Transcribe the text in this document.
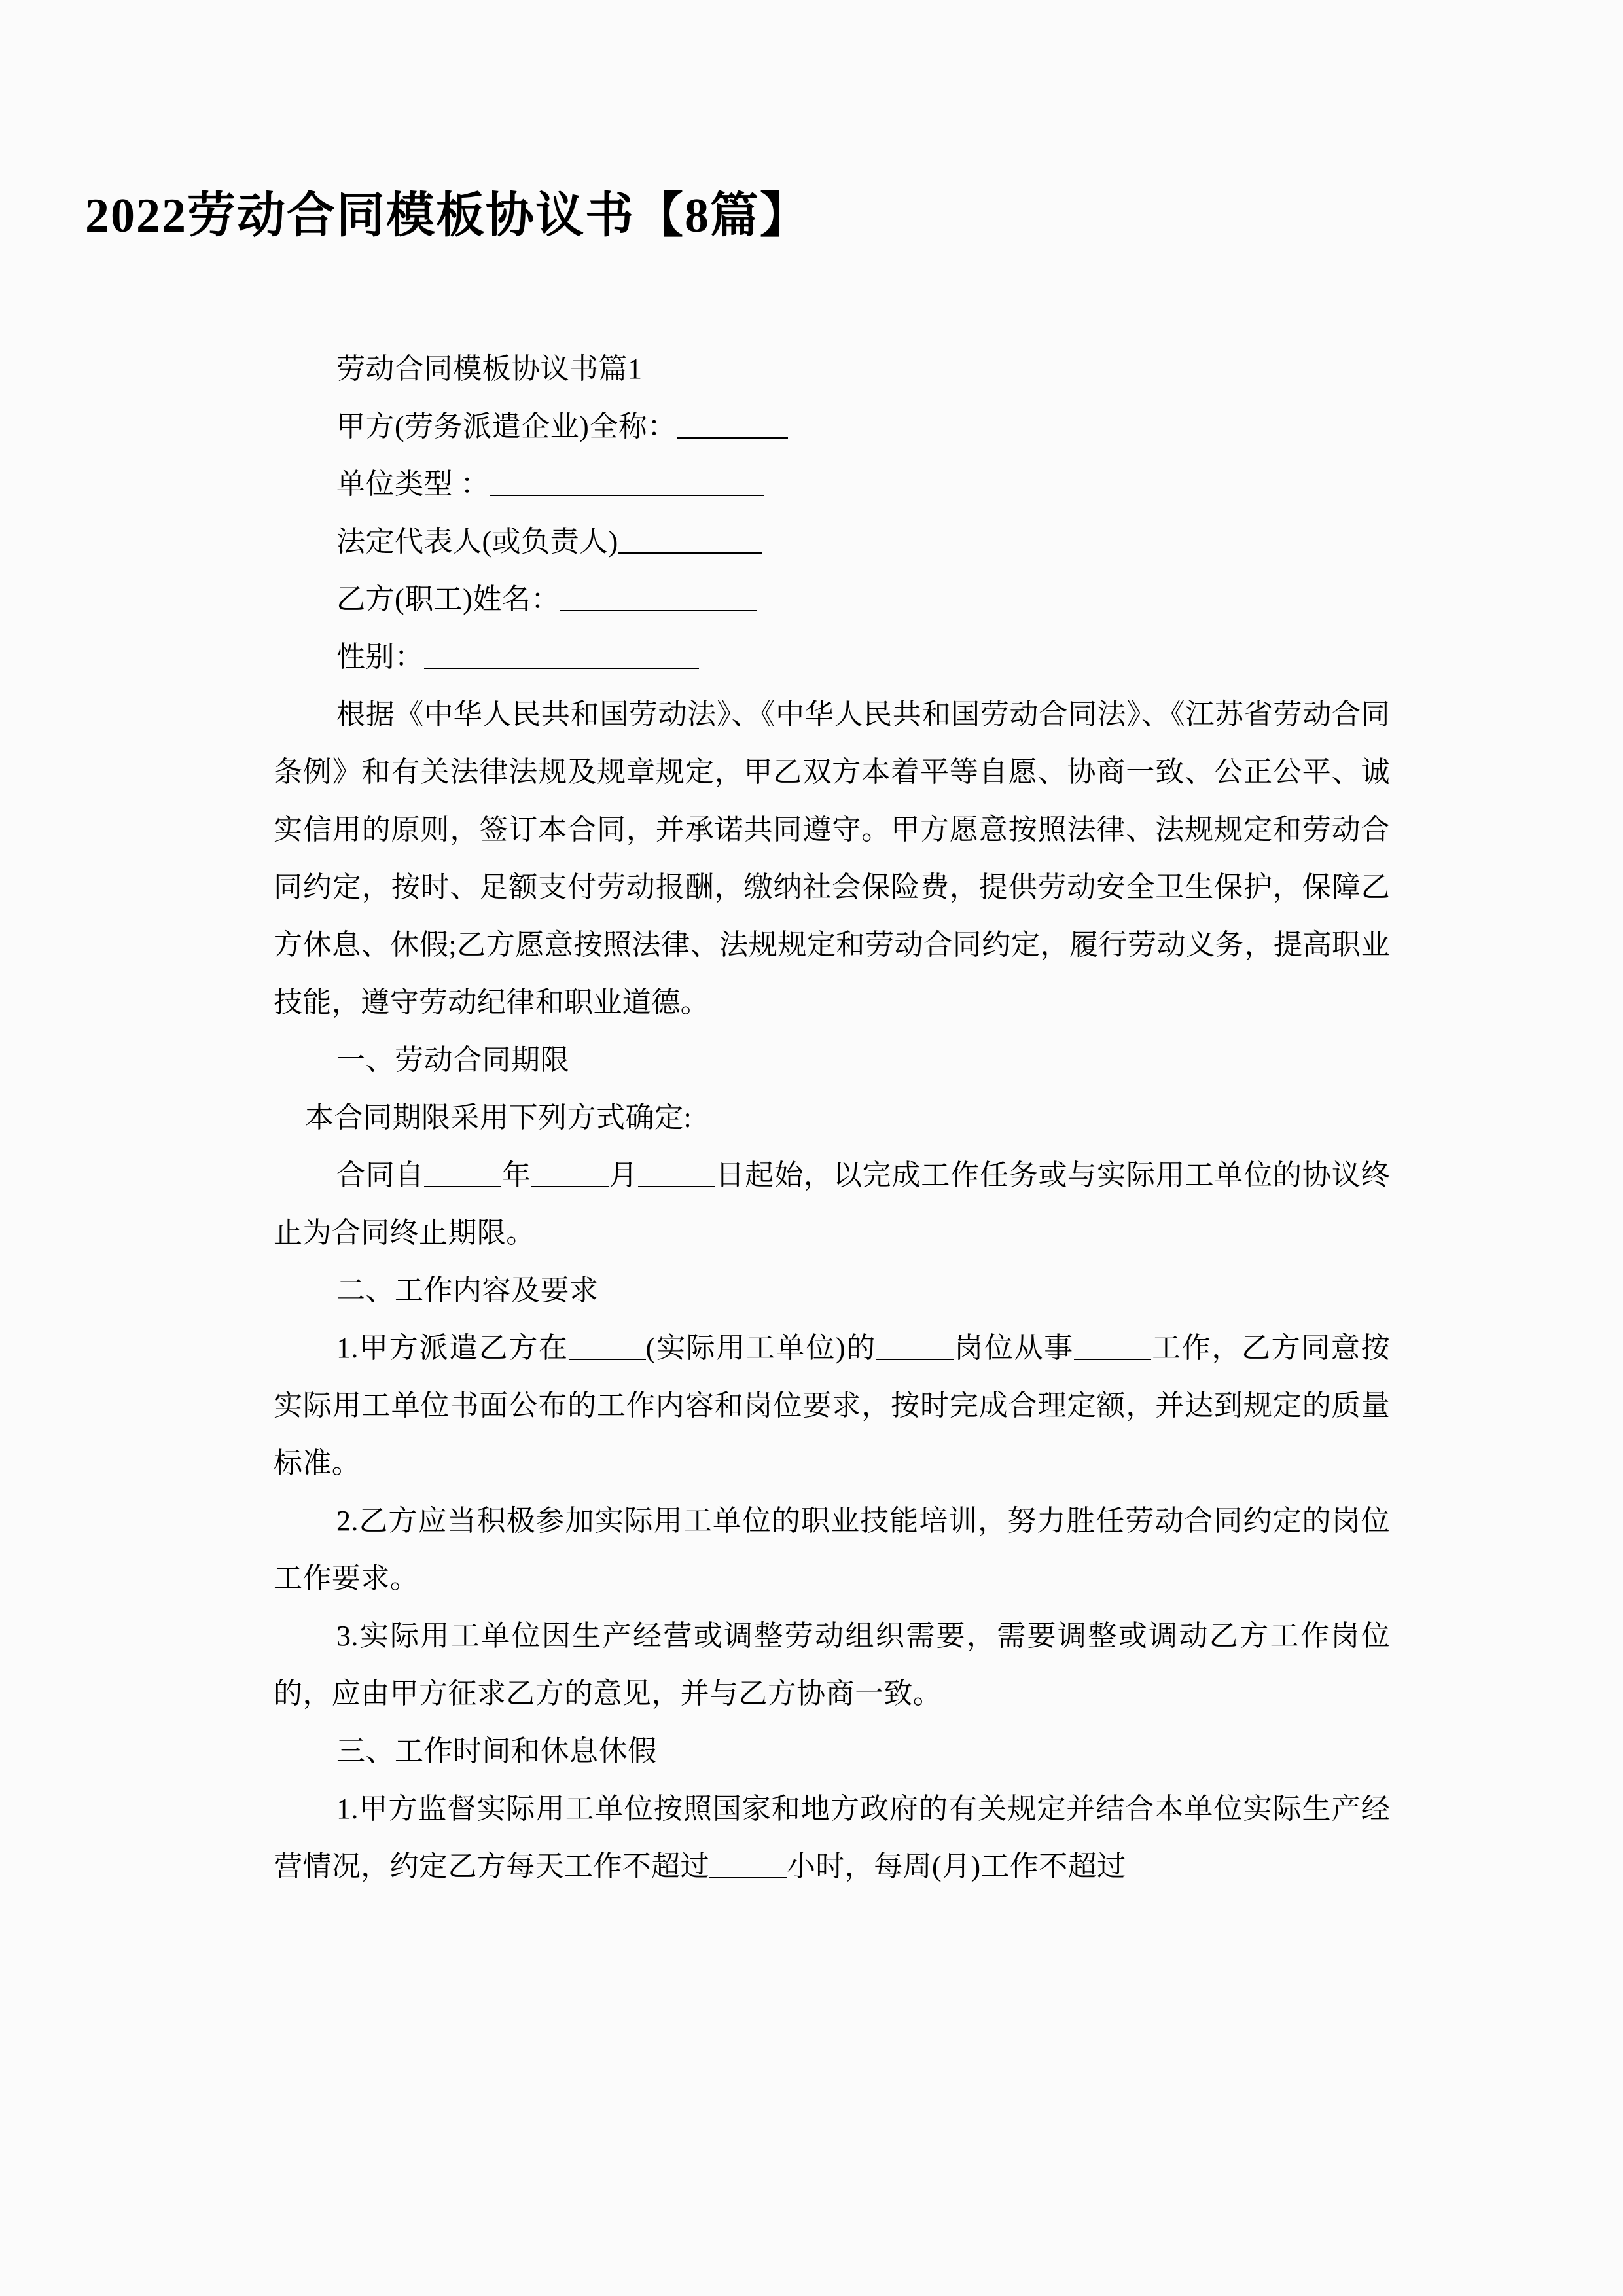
2022劳动合同模板协议书【8篇】
劳动合同模板协议书篇1
甲方(劳务派遣企业)全称：
单位类型 ：
法定代表人(或负责人)
乙方(职工)姓名：
性别：

根据《中华人民共和国劳动法》、《中华人民共和国劳动合同法》、《江苏省劳动合同条例》和有关法律法规及规章规定，甲乙双方本着平等自愿、协商一致、公正公平、诚实信用的原则，签订本合同，并承诺共同遵守。甲方愿意按照法律、法规规定和劳动合同约定，按时、足额支付劳动报酬，缴纳社会保险费，提供劳动安全卫生保护，保障乙方休息、休假;乙方愿意按照法律、法规规定和劳动合同约定，履行劳动义务，提高职业技能，遵守劳动纪律和职业道德。

一、劳动合同期限
本合同期限采用下列方式确定:

合同自	年	月	日起始，以完成工作任务或与实际用工单位的协议终止为合同终止期限。

二、工作内容及要求

1.甲方派遣乙方在	(实际用工单位)的	岗位从事	工作，乙方同意按实际用工单位书面公布的工作内容和岗位要求，按时完成合理定额，并达到规定的质量标准。

2.乙方应当积极参加实际用工单位的职业技能培训，努力胜任劳动合同约定的岗位工作要求。

3.实际用工单位因生产经营或调整劳动组织需要，需要调整或调动乙方工作岗位的，应由甲方征求乙方的意见，并与乙方协商一致。

三、工作时间和休息休假

1.甲方监督实际用工单位按照国家和地方政府的有关规定并结合本单位实际生产经营情况，约定乙方每天工作不超过	小时，每周(月)工作不超过
